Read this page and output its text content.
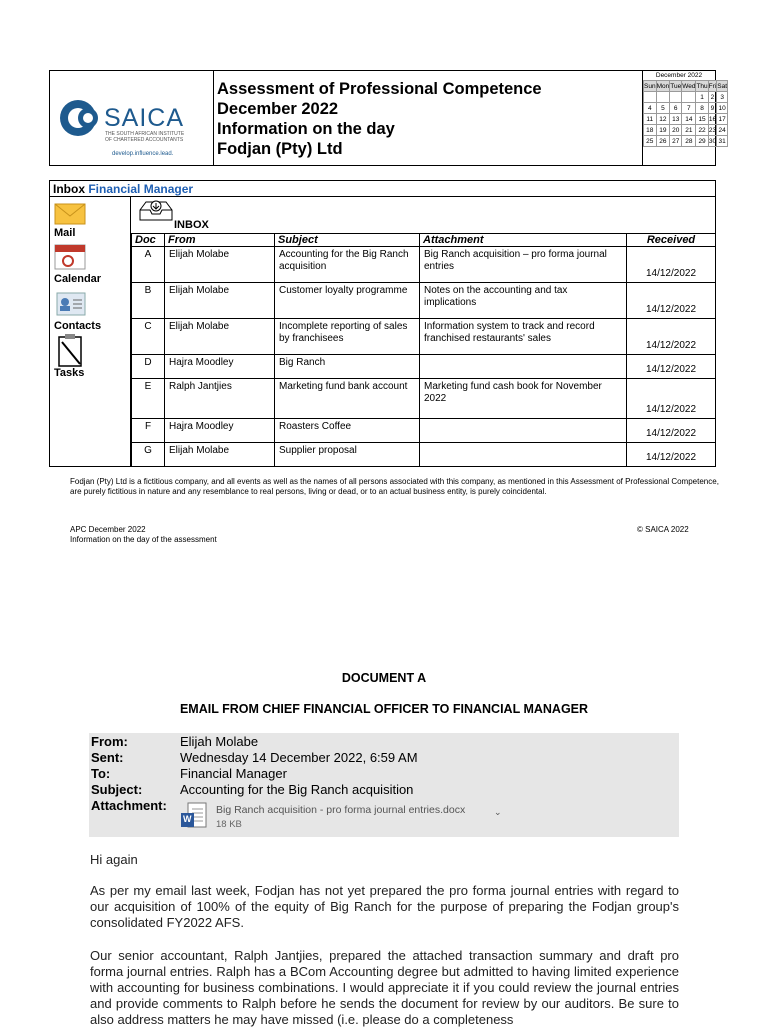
SAICA
THE SOUTH AFRICAN INSTITUTE
OF CHARTERED ACCOUNTANTS
develop.influence.lead.
Assessment of Professional Competence
December 2022
Information on the day
Fodjan (Pty) Ltd
December 2022
Sun	Mon	Tue	Wed	Thu	Fri	Sat
				1	2	3
4	5	6	7	8	9	10
11	12	13	14	15	16	17
18	19	20	21	22	23	24
25	26	27	28	29	30	31
Inbox Financial Manager
Mail
Calendar
Contacts
Tasks
INBOX
Doc	From	Subject	Attachment	Received
A	Elijah Molabe	Accounting for the Big Ranch acquisition	Big Ranch acquisition – pro forma journal entries	14/12/2022
B	Elijah Molabe	Customer loyalty programme	Notes on the accounting and tax implications	14/12/2022
C	Elijah Molabe	Incomplete reporting of sales by franchisees	Information system to track and record franchised restaurants' sales	14/12/2022
D	Hajra Moodley	Big Ranch		14/12/2022
E	Ralph Jantjies	Marketing fund bank account	Marketing fund cash book for November 2022	14/12/2022
F	Hajra Moodley	Roasters Coffee		14/12/2022
G	Elijah Molabe	Supplier proposal		14/12/2022
Fodjan (Pty) Ltd is a fictitious company, and all events as well as the names of all persons associated with this company, as mentioned in this Assessment of Professional Competence, are purely fictitious in nature and any resemblance to real persons, living or dead, or to an actual business entity, is purely coincidental.
APC December 2022
Information on the day of the assessment
© SAICA 2022
DOCUMENT A
EMAIL FROM CHIEF FINANCIAL OFFICER TO FINANCIAL MANAGER
From:	Elijah Molabe
Sent:	Wednesday 14 December 2022, 6:59 AM
To:	Financial Manager
Subject:	Accounting for the Big Ranch acquisition
Attachment:
W
Big Ranch acquisition - pro forma journal entries.docx	⌄
18 KB
Hi again
As per my email last week, Fodjan has not yet prepared the pro forma journal entries with regard to our acquisition of 100% of the equity of Big Ranch for the purpose of preparing the Fodjan group's consolidated FY2022 AFS.
Our senior accountant, Ralph Jantjies, prepared the attached transaction summary and draft pro forma journal entries. Ralph has a BCom Accounting degree but admitted to having limited experience with accounting for business combinations. I would appreciate it if you could review the journal entries and provide comments to Ralph before he sends the document for review by our auditors. Be sure to also address matters he may have missed (i.e. please do a completeness
